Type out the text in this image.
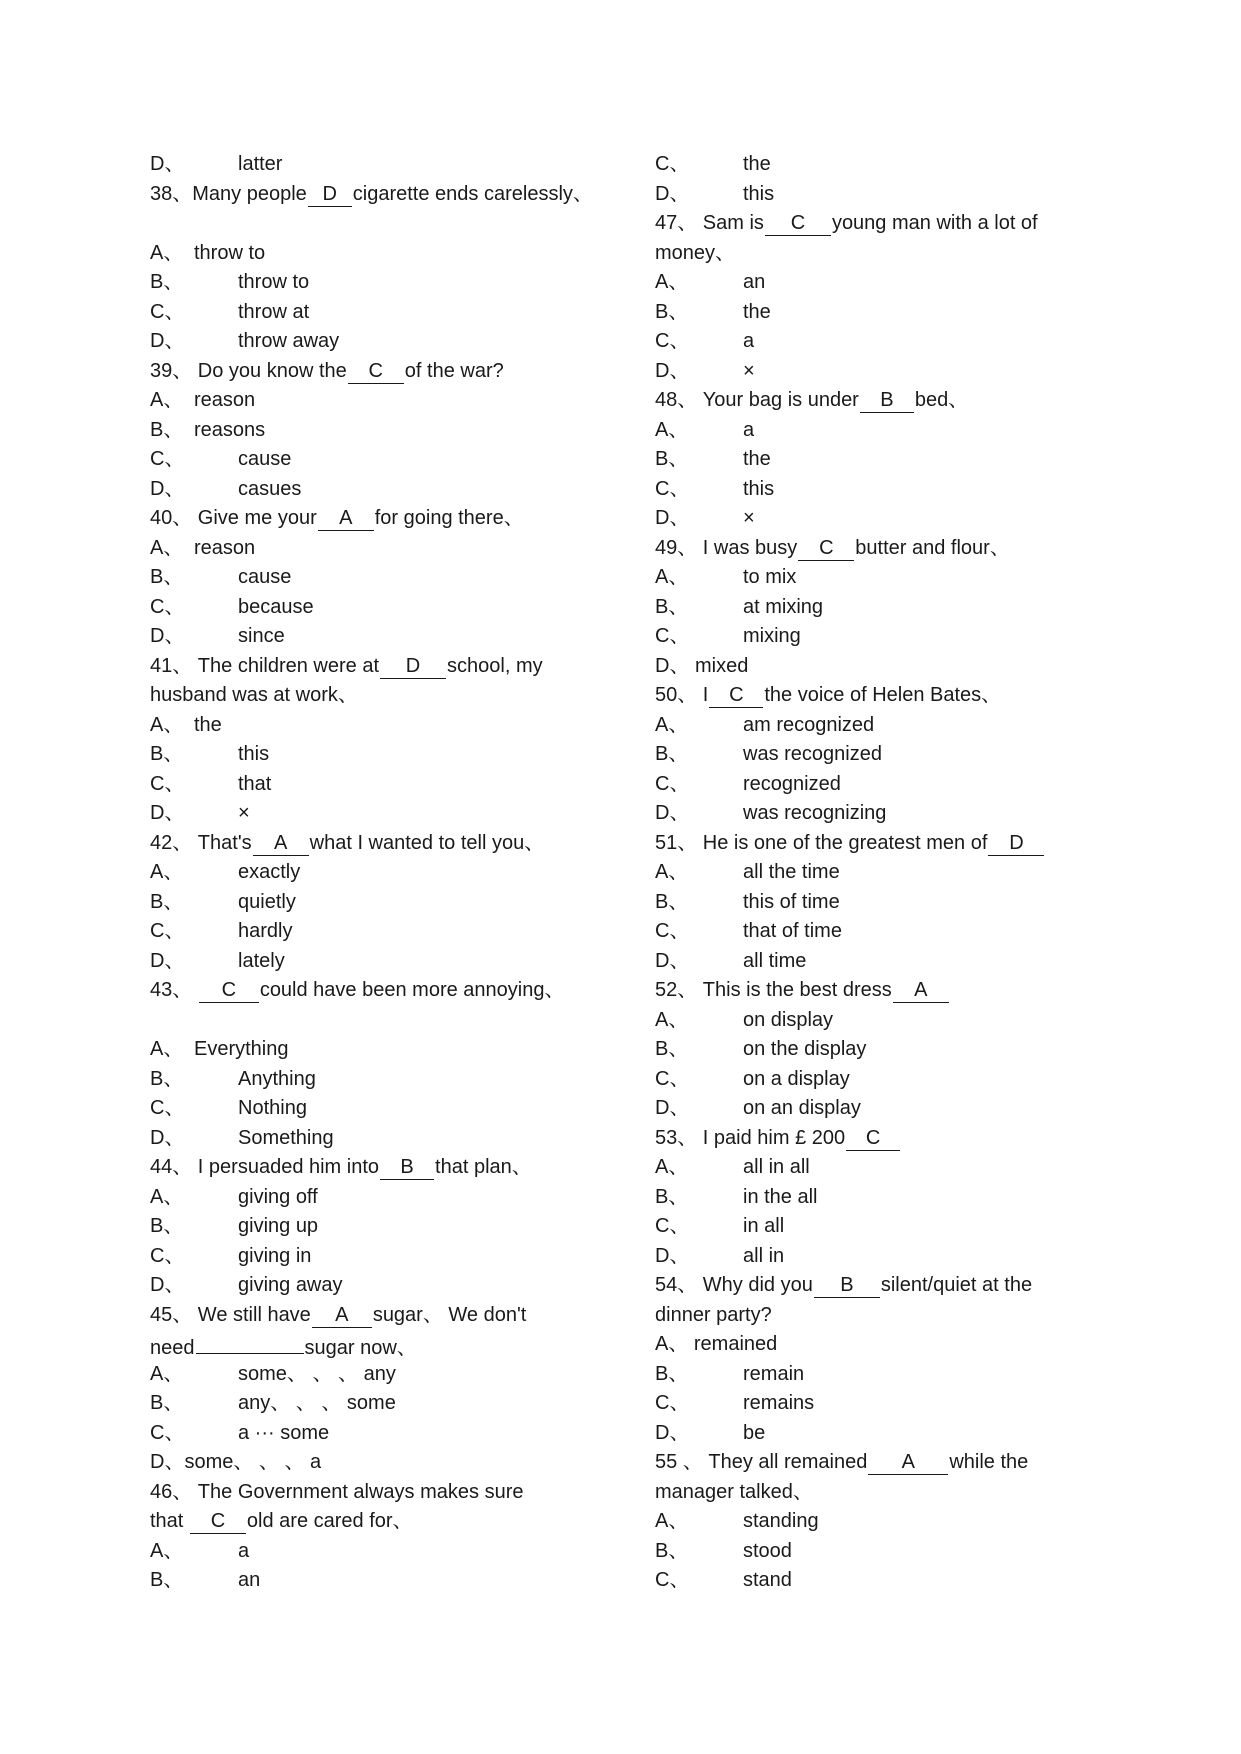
D、	latter
38、Many people D cigarette ends carelessly、
A、 throw to
B、	throw to
C、	throw at
D、	throw away
39、 Do you know the C of the war?
A、 reason
B、 reasons
C、	cause
D、	casues
40、 Give me your A for going there、
A、 reason
B、	cause
C、	because
D、	since
41、 The children were at D school, my
husband was at work、
A、 the
B、	this
C、	that
D、	×
42、 That's A what I wanted to tell you、
A、	exactly
B、	quietly
C、	hardly
D、	lately
43、 C could have been more annoying、
A、 Everything
B、	Anything
C、	Nothing
D、	Something
44、 I persuaded him into B that plan、
A、	giving off
B、	giving up
C、	giving in
D、	giving away
45、 We still have A sugar、 We don't
need	sugar now、
A、	some、 、 、 any
B、	any、 、 、 some
C、	a ··· some
D、some、 、 、 a
46、 The Government always makes sure
that C old are cared for、
A、	a
B、	an
C、	the
D、	this
47、 Sam is C young man with a lot of
money、
A、	an
B、	the
C、	a
D、	×
48、 Your bag is under B bed、
A、	a
B、	the
C、	this
D、	×
49、 I was busy C butter and flour、
A、	to mix
B、	at mixing
C、	mixing
D、 mixed
50、 I C the voice of Helen Bates、
A、	am recognized
B、	was recognized
C、	recognized
D、	was recognizing
51、 He is one of the greatest men of D
A、	all the time
B、	this of time
C、	that of time
D、	all time
52、 This is the best dress A
A、	on display
B、	on the display
C、	on a display
D、	on an display
53、 I paid him £ 200 C
A、	all in all
B、	in the all
C、	in all
D、	all in
54、 Why did you B silent/quiet at the
dinner party?
A、 remained
B、	remain
C、	remains
D、	be
55 、 They all remained A while the
manager talked、
A、	standing
B、	stood
C、	stand
